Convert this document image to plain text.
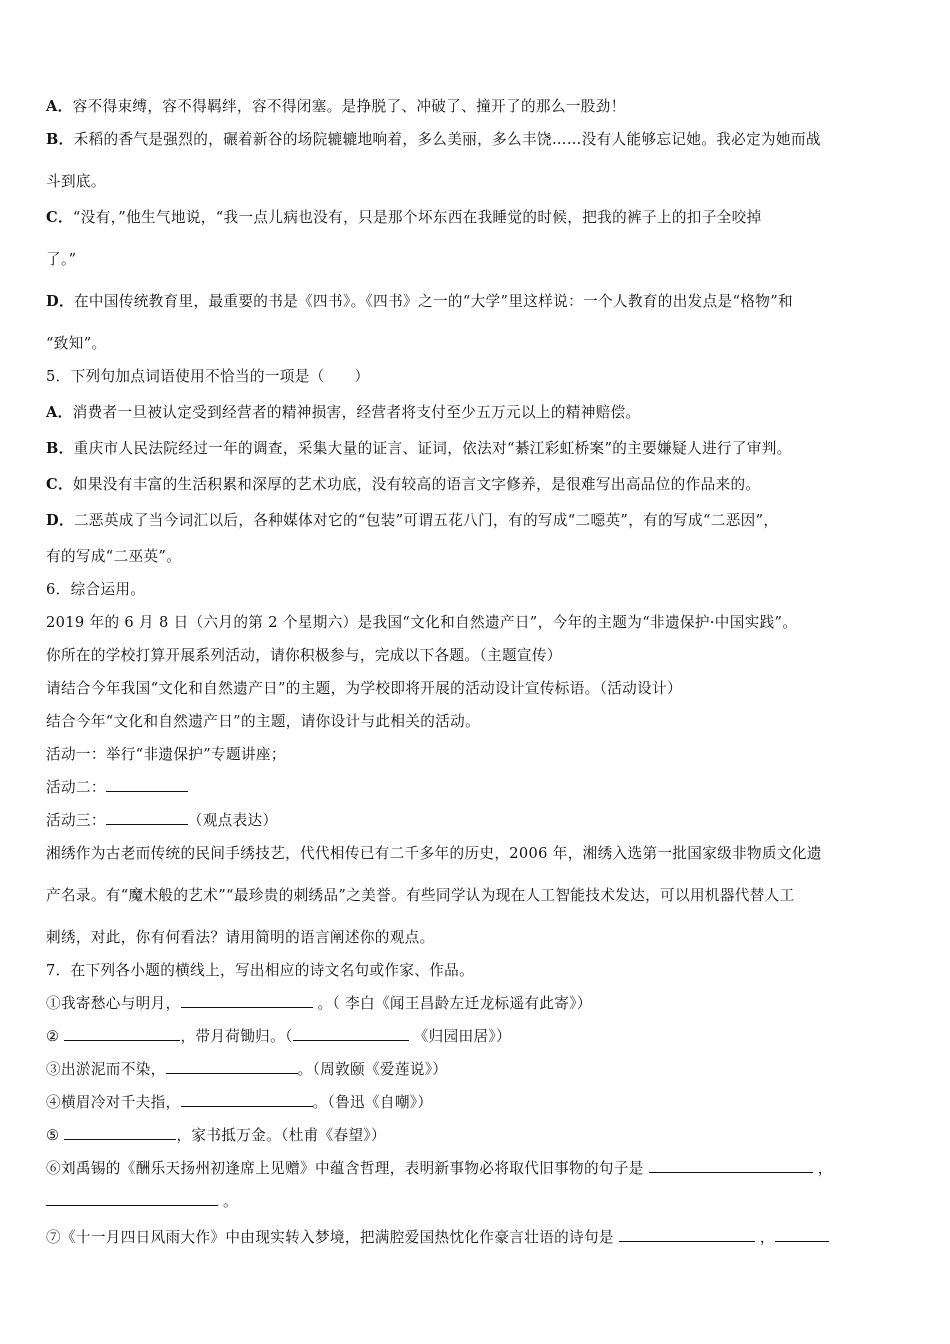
A．容不得束缚，容不得羁绊，容不得闭塞。是挣脱了、冲破了、撞开了的那么一股劲！
B．禾稻的香气是强烈的，碾着新谷的场院辘辘地响着，多么美丽，多么丰饶……没有人能够忘记她。我必定为她而战
斗到底。
C．“没有，”他生气地说，“我一点儿病也没有，只是那个坏东西在我睡觉的时候，把我的裤子上的扣子全咬掉
了。”
D．在中国传统教育里，最重要的书是《四书》。《四书》之一的“大学”里这样说：一个人教育的出发点是“格物”和
“致知”。
5．下列句加点词语使用不恰当的一项是（　　）
A．消费者一旦被认定受到经营者的精神损害，经营者将支付至少五万元以上的精神赔偿。
B．重庆市人民法院经过一年的调查，采集大量的证言、证词，依法对“綦江彩虹桥案”的主要嫌疑人进行了审判。
C．如果没有丰富的生活积累和深厚的艺术功底，没有较高的语言文字修养，是很难写出高品位的作品来的。
D．二恶英成了当今词汇以后，各种媒体对它的“包装”可谓五花八门，有的写成“二噁英”，有的写成“二恶因”，
有的写成“二巫英”。
6．综合运用。
2019 年的 6 月 8 日（六月的第 2 个星期六）是我国“文化和自然遗产日”，今年的主题为“非遗保护·中国实践”。
你所在的学校打算开展系列活动，请你积极参与，完成以下各题。（主题宣传）
请结合今年我国“文化和自然遗产日”的主题，为学校即将开展的活动设计宣传标语。（活动设计）
结合今年“文化和自然遗产日”的主题，请你设计与此相关的活动。
活动一：举行“非遗保护”专题讲座；
活动二：
活动三：	（观点表达）
湘绣作为古老而传统的民间手绣技艺，代代相传已有二千多年的历史，2006 年，湘绣入选第一批国家级非物质文化遗
产名录。有“魔术般的艺术”“最珍贵的刺绣品”之美誉。有些同学认为现在人工智能技术发达，可以用机器代替人工
刺绣，对此，你有何看法？请用简明的语言阐述你的观点。
7．在下列各小题的横线上，写出相应的诗文名句或作家、作品。
①我寄愁心与明月，	。（ 李白《闻王昌龄左迁龙标遥有此寄》）
②	，带月荷锄归。（	《归园田居》）
③出淤泥而不染，	。（周敦颐《爱莲说》）
④横眉冷对千夫指，	。（鲁迅《自嘲》）
⑤	，家书抵万金。（杜甫《春望》）
⑥刘禹锡的《酬乐天扬州初逢席上见赠》中蕴含哲理，表明新事物必将取代旧事物的句子是	，
。
⑦《十一月四日风雨大作》中由现实转入梦境，把满腔爱国热忱化作豪言壮语的诗句是	，
